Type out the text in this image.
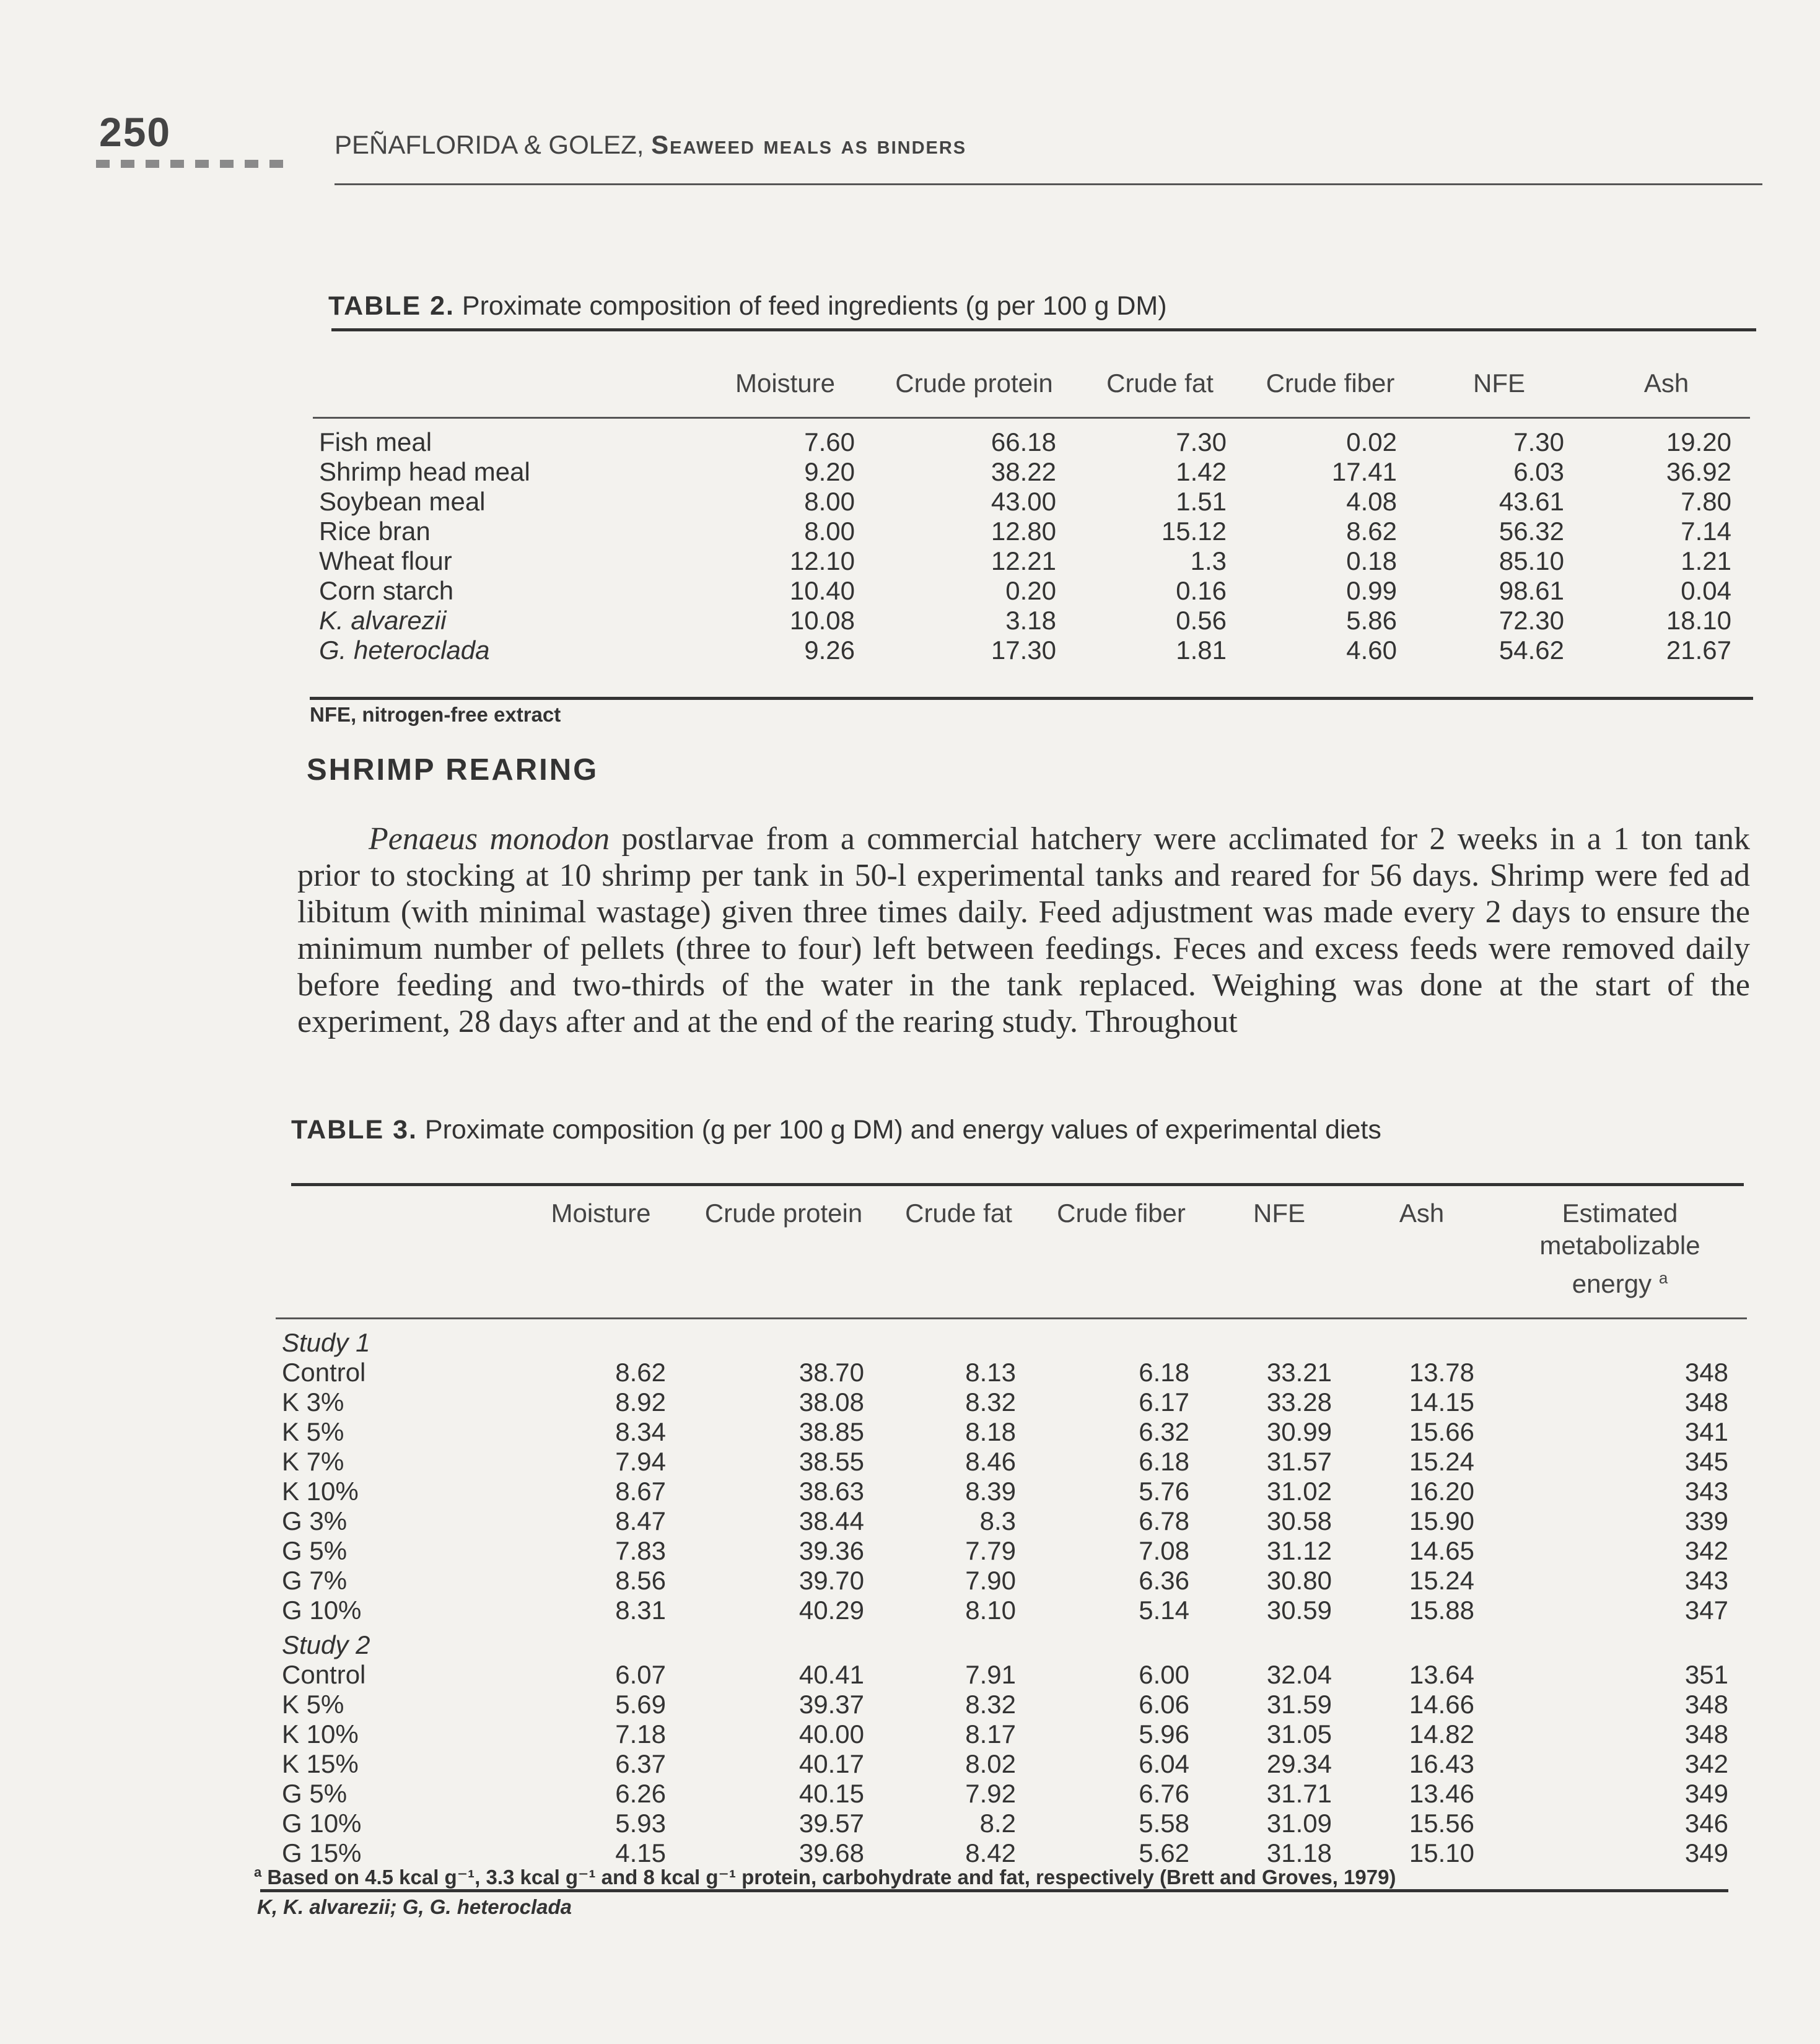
250	PEÑAFLORIDA & GOLEZ, Seaweed meals as binders
TABLE 2. Proximate composition of feed ingredients (g per 100 g DM)
	Moisture	Crude protein	Crude fat	Crude fiber	NFE	Ash
Fish meal	7.60	66.18	7.30	0.02	7.30	19.20
Shrimp head meal	9.20	38.22	1.42	17.41	6.03	36.92
Soybean meal	8.00	43.00	1.51	4.08	43.61	7.80
Rice bran	8.00	12.80	15.12	8.62	56.32	7.14
Wheat flour	12.10	12.21	1.3	0.18	85.10	1.21
Corn starch	10.40	0.20	0.16	0.99	98.61	0.04
K. alvarezii	10.08	3.18	0.56	5.86	72.30	18.10
G. heteroclada	9.26	17.30	1.81	4.60	54.62	21.67
NFE, nitrogen-free extract
SHRIMP REARING

Penaeus monodon postlarvae from a commercial hatchery were acclimated for 2 weeks in a 1 ton tank prior to stocking at 10 shrimp per tank in 50-l experimental tanks and reared for 56 days. Shrimp were fed ad libitum (with minimal wastage) given three times daily. Feed adjustment was made every 2 days to ensure the minimum number of pellets (three to four) left between feedings. Feces and excess feeds were removed daily before feeding and two-thirds of the water in the tank replaced. Weighing was done at the start of the experiment, 28 days after and at the end of the rearing study. Throughout

TABLE 3. Proximate composition (g per 100 g DM) and energy values of experimental diets
	Moisture	Crude protein	Crude fat	Crude fiber	NFE	Ash	Estimated metabolizable energy $^a$
Study 1							
Control	8.62	38.70	8.13	6.18	33.21	13.78	348
K 3%	8.92	38.08	8.32	6.17	33.28	14.15	348
K 5%	8.34	38.85	8.18	6.32	30.99	15.66	341
K 7%	7.94	38.55	8.46	6.18	31.57	15.24	345
K 10%	8.67	38.63	8.39	5.76	31.02	16.20	343
G 3%	8.47	38.44	8.3	6.78	30.58	15.90	339
G 5%	7.83	39.36	7.79	7.08	31.12	14.65	342
G 7%	8.56	39.70	7.90	6.36	30.80	15.24	343
G 10%	8.31	40.29	8.10	5.14	30.59	15.88	347
Study 2							
Control	6.07	40.41	7.91	6.00	32.04	13.64	351
K 5%	5.69	39.37	8.32	6.06	31.59	14.66	348
K 10%	7.18	40.00	8.17	5.96	31.05	14.82	348
K 15%	6.37	40.17	8.02	6.04	29.34	16.43	342
G 5%	6.26	40.15	7.92	6.76	31.71	13.46	349
G 10%	5.93	39.57	8.2	5.58	31.09	15.56	346
G 15%	4.15	39.68	8.42	5.62	31.18	15.10	349
$^a$ Based on 4.5 kcal g⁻¹, 3.3 kcal g⁻¹ and 8 kcal g⁻¹ protein, carbohydrate and fat, respectively (Brett and Groves, 1979)
K, K. alvarezii; G, G. heteroclada
